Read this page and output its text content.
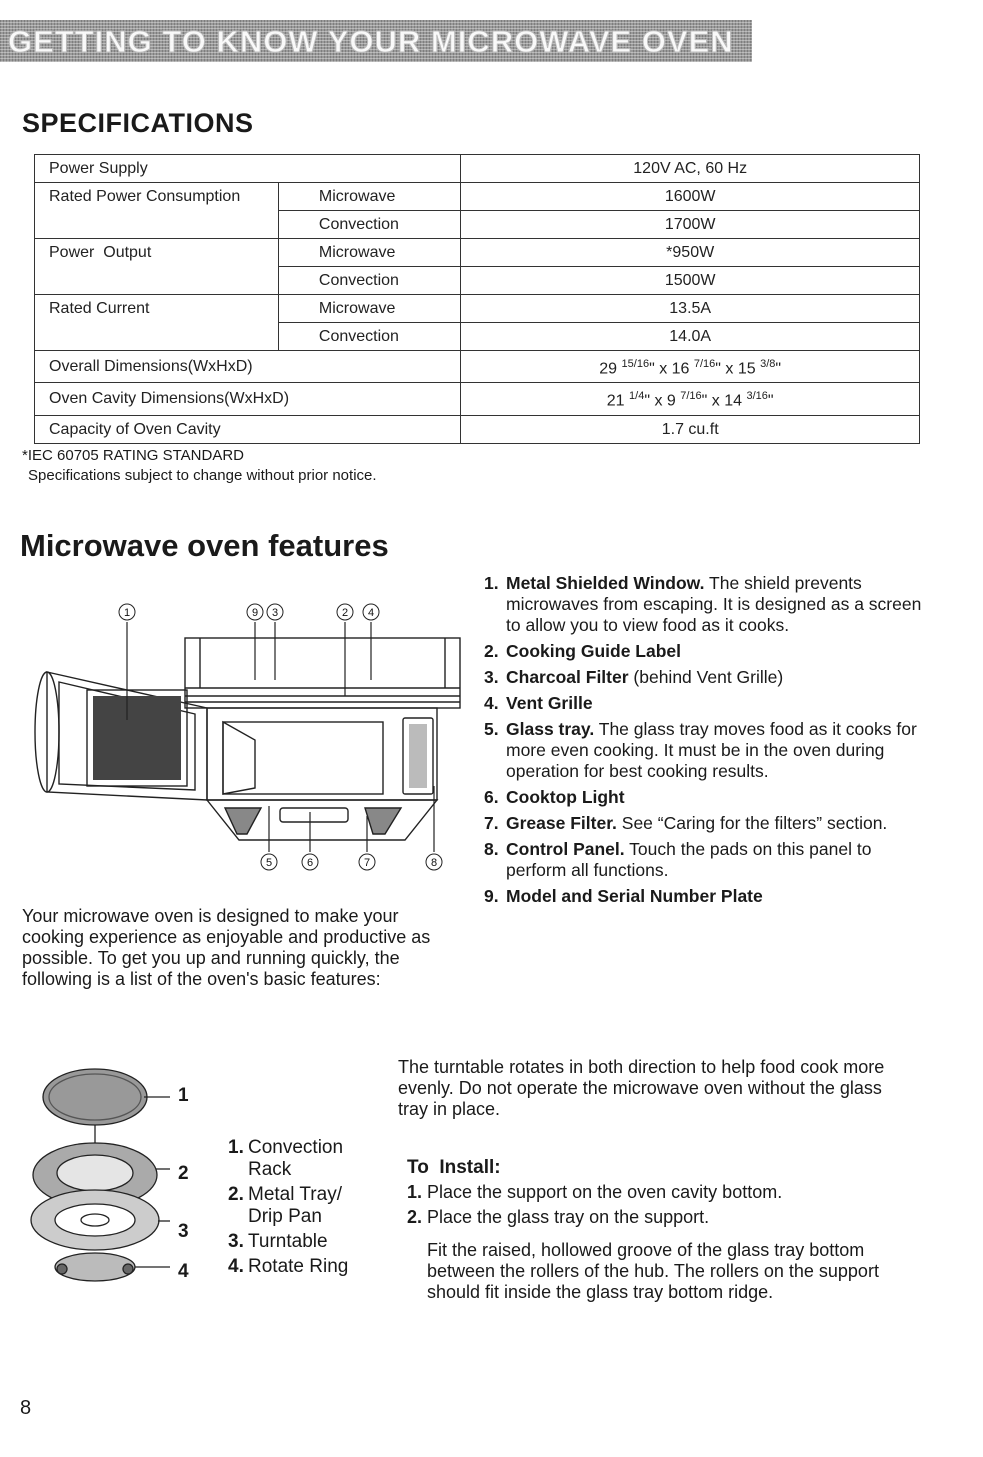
GETTING TO KNOW YOUR MICROWAVE OVEN
SPECIFICATIONS
Power Supply		120V AC, 60 Hz
Rated Power Consumption	Microwave	1600W
	Convection	1700W
Power  Output	Microwave	*950W
	Convection	1500W
Rated Current	Microwave	13.5A
	Convection	14.0A
Overall Dimensions(WxHxD)		29 $^{15/16}$" x 16 $^{7/16}$" x 15 $^{3/8}$"
Oven Cavity Dimensions(WxHxD)		21 $^{1/4}$" x 9 $^{7/16}$" x 14 $^{3/16}$"
Capacity of Oven Cavity		1.7 cu.ft
*IEC 60705 RATING STANDARD
Specifications subject to change without prior notice.
Microwave oven features
1	9 3	2 4
5	6	7	8
Your microwave oven is designed to make your cooking experience as enjoyable and productive as possible. To get you up and running quickly, the following is a list of the oven's basic features:
1. Metal Shielded Window. The shield prevents microwaves from escaping. It is designed as a screen to allow you to view food as it cooks.
2. Cooking Guide Label
3. Charcoal Filter (behind Vent Grille)
4. Vent Grille
5. Glass tray. The glass tray moves food as it cooks for more even cooking. It must be in the oven during operation for best cooking results.
6. Cooktop Light
7. Grease Filter. See “Caring for the filters” section.
8. Control Panel. Touch the pads on this panel to perform all functions.
9. Model and Serial Number Plate
1
2
3
4
1. Convection Rack
2. Metal Tray/ Drip Pan
3. Turntable
4. Rotate Ring
The turntable rotates in both direction to help food cook more evenly. Do not operate the microwave oven without the glass tray in place.
To  Install:
1. Place the support on the oven cavity bottom.
2. Place the glass tray on the support.
Fit the raised, hollowed groove of the glass tray bottom between the rollers of the hub. The rollers on the support should fit inside the glass tray bottom ridge.
8
